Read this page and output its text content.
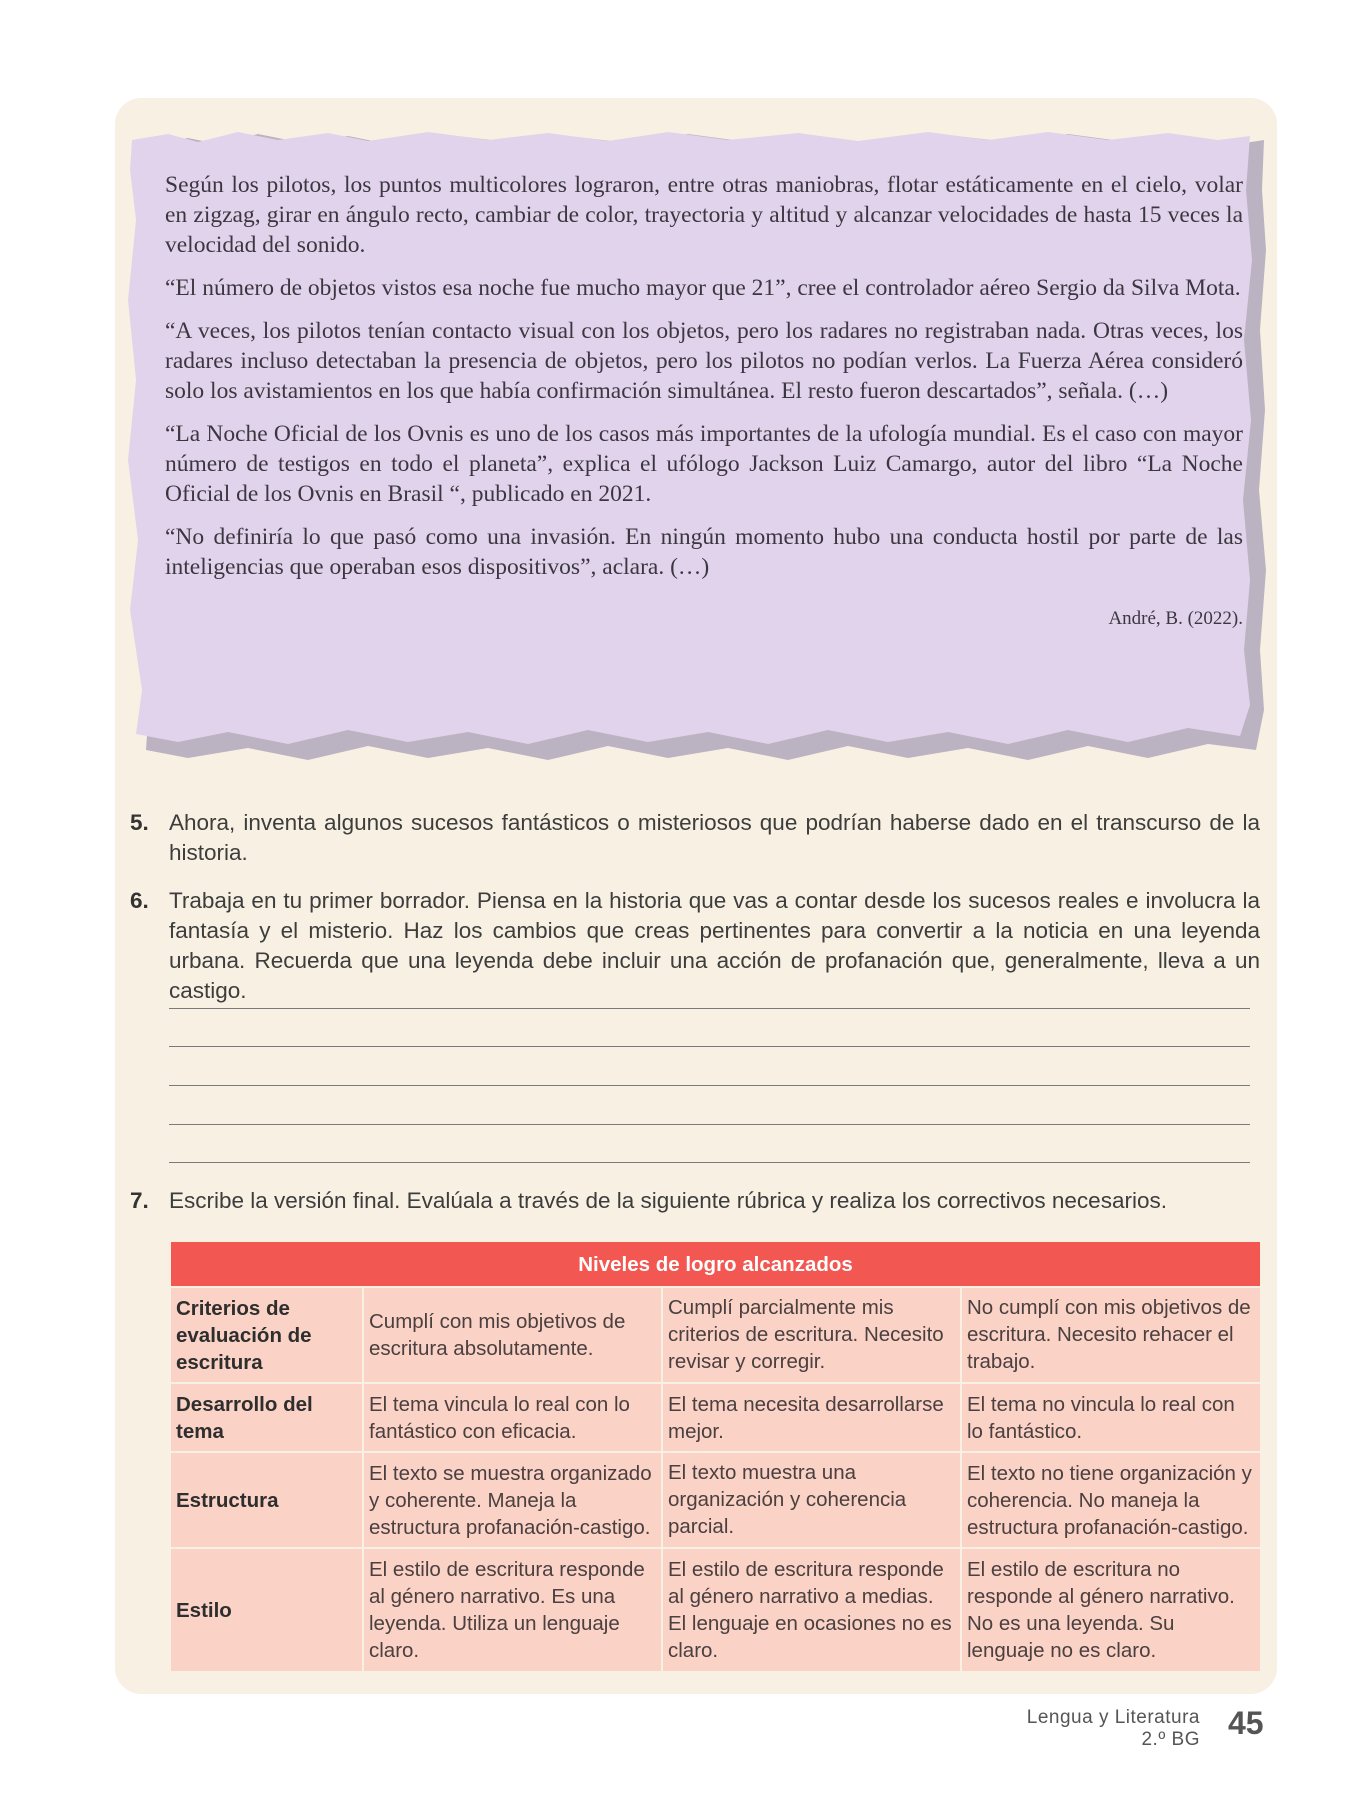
Según los pilotos, los puntos multicolores lograron, entre otras maniobras, flotar estáticamente en el cielo, volar en zigzag, girar en ángulo recto, cambiar de color, trayectoria y altitud y alcanzar velocidades de hasta 15 veces la velocidad del sonido.

“El número de objetos vistos esa noche fue mucho mayor que 21”, cree el controlador aéreo Sergio da Silva Mota.

“A veces, los pilotos tenían contacto visual con los objetos, pero los radares no registraban nada. Otras veces, los radares incluso detectaban la presencia de objetos, pero los pilotos no podían verlos. La Fuerza Aérea consideró solo los avistamientos en los que había confirmación simultánea. El resto fueron descartados”, señala. (…)

“La Noche Oficial de los Ovnis es uno de los casos más importantes de la ufología mundial. Es el caso con mayor número de testigos en todo el planeta”, explica el ufólogo Jackson Luiz Camargo, autor del libro “La Noche Oficial de los Ovnis en Brasil “, publicado en 2021.

“No definiría lo que pasó como una invasión. En ningún momento hubo una conducta hostil por parte de las inteligencias que operaban esos dispositivos”, aclara. (…)

André, B. (2022).

5. Ahora, inventa algunos sucesos fantásticos o misteriosos que podrían haberse dado en el transcurso de la historia.
6. Trabaja en tu primer borrador. Piensa en la historia que vas a contar desde los sucesos reales e involucra la fantasía y el misterio. Haz los cambios que creas pertinentes para convertir a la noticia en una leyenda urbana. Recuerda que una leyenda debe incluir una acción de profanación que, generalmente, lleva a un castigo.
7. Escribe la versión final. Evalúala a través de la siguiente rúbrica y realiza los correctivos necesarios.
Niveles de logro alcanzados			
Criterios de evaluación de escritura	Cumplí con mis objetivos de escritura absolutamente.	Cumplí parcialmente mis criterios de escritura. Necesito revisar y corregir.	No cumplí con mis objetivos de escritura. Necesito rehacer el trabajo.
Desarrollo del tema	El tema vincula lo real con lo fantástico con eficacia.	El tema necesita desarrollarse mejor.	El tema no vincula lo real con lo fantástico.
Estructura	El texto se muestra organizado y coherente. Maneja la estructura profanación-castigo.	El texto muestra una organización y coherencia parcial.	El texto no tiene organización y coherencia. No maneja la estructura profanación-castigo.
Estilo	El estilo de escritura responde al género narrativo. Es una leyenda. Utiliza un lenguaje claro.	El estilo de escritura responde al género narrativo a medias. El lenguaje en ocasiones no es claro.	El estilo de escritura no responde al género narrativo. No es una leyenda. Su lenguaje no es claro.
Lengua y Literatura
2.º BG 45
